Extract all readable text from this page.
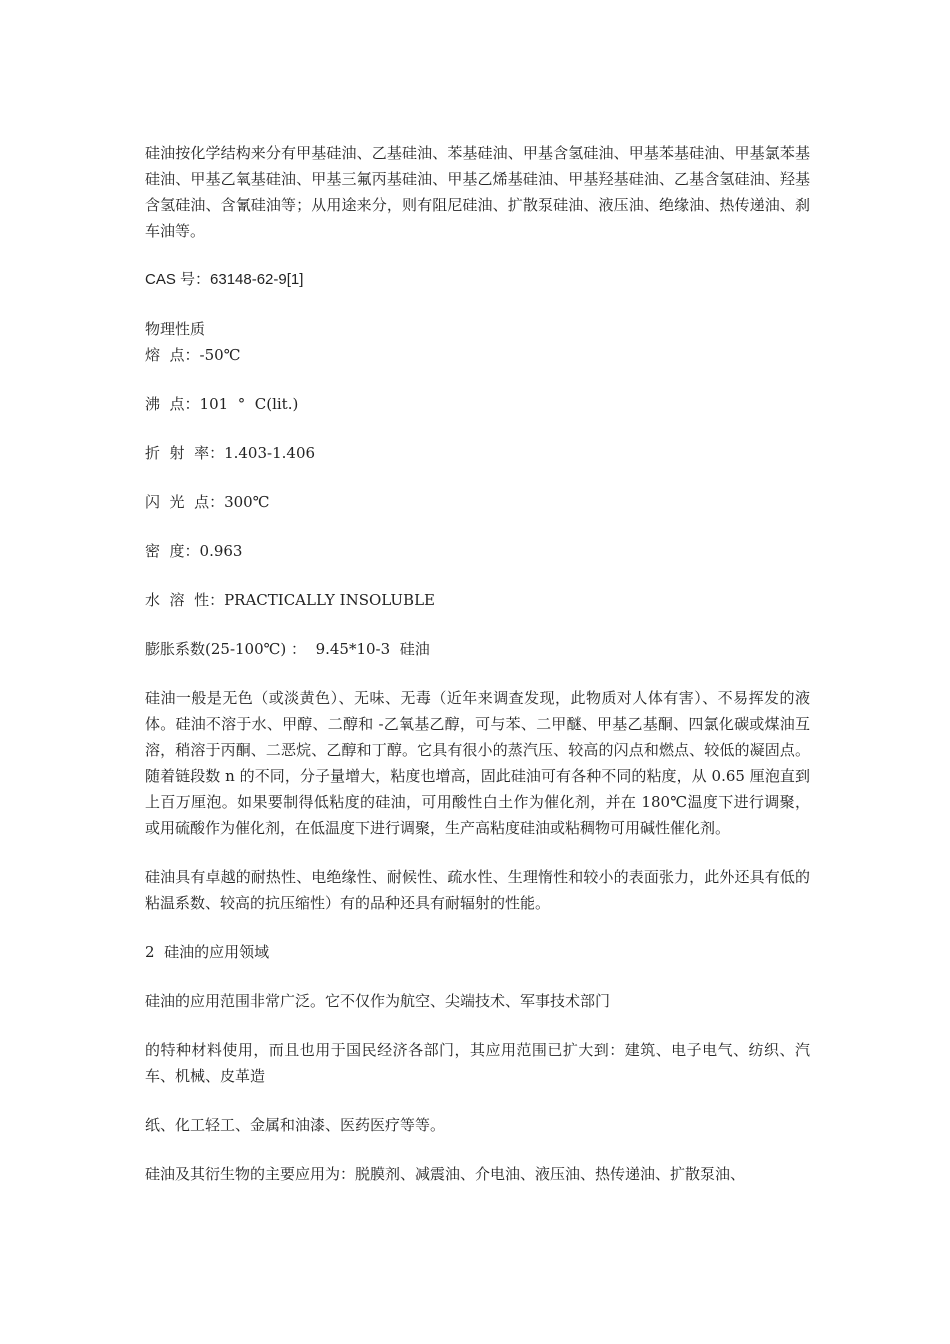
硅油按化学结构来分有甲基硅油、乙基硅油、苯基硅油、甲基含氢硅油、甲基苯基硅油、甲基氯苯基硅油、甲基乙氧基硅油、甲基三氟丙基硅油、甲基乙烯基硅油、甲基羟基硅油、乙基含氢硅油、羟基含氢硅油、含氰硅油等；从用途来分，则有阻尼硅油、扩散泵硅油、液压油、绝缘油、热传递油、刹车油等。

CAS 号：63148-62-9[1]

物理性质

熔  点：-50℃

沸  点：101  °  C(lit.)

折  射  率：1.403-1.406

闪  光  点：300℃

密  度：0.963

水  溶  性：PRACTICALLY INSOLUBLE

膨胀系数(25-100℃) ：  9.45*10-3  硅油

硅油一般是无色（或淡黄色）、无味、无毒（近年来调查发现，此物质对人体有害）、不易挥发的液体。硅油不溶于水、甲醇、二醇和 -乙氧基乙醇，可与苯、二甲醚、甲基乙基酮、四氯化碳或煤油互溶，稍溶于丙酮、二恶烷、乙醇和丁醇。它具有很小的蒸汽压、较高的闪点和燃点、较低的凝固点。随着链段数 n 的不同，分子量增大，粘度也增高，固此硅油可有各种不同的粘度，从 0.65 厘泡直到上百万厘泡。如果要制得低粘度的硅油，可用酸性白土作为催化剂，并在 180℃温度下进行调聚，或用硫酸作为催化剂，在低温度下进行调聚，生产高粘度硅油或粘稠物可用碱性催化剂。

硅油具有卓越的耐热性、电绝缘性、耐候性、疏水性、生理惰性和较小的表面张力，此外还具有低的粘温系数、较高的抗压缩性）有的品种还具有耐辐射的性能。

2  硅油的应用领域

硅油的应用范围非常广泛。它不仅作为航空、尖端技术、军事技术部门

的特种材料使用，而且也用于国民经济各部门，其应用范围已扩大到：建筑、电子电气、纺织、汽车、机械、皮革造

纸、化工轻工、金属和油漆、医药医疗等等。

硅油及其衍生物的主要应用为：脱膜剂、减震油、介电油、液压油、热传递油、扩散泵油、
